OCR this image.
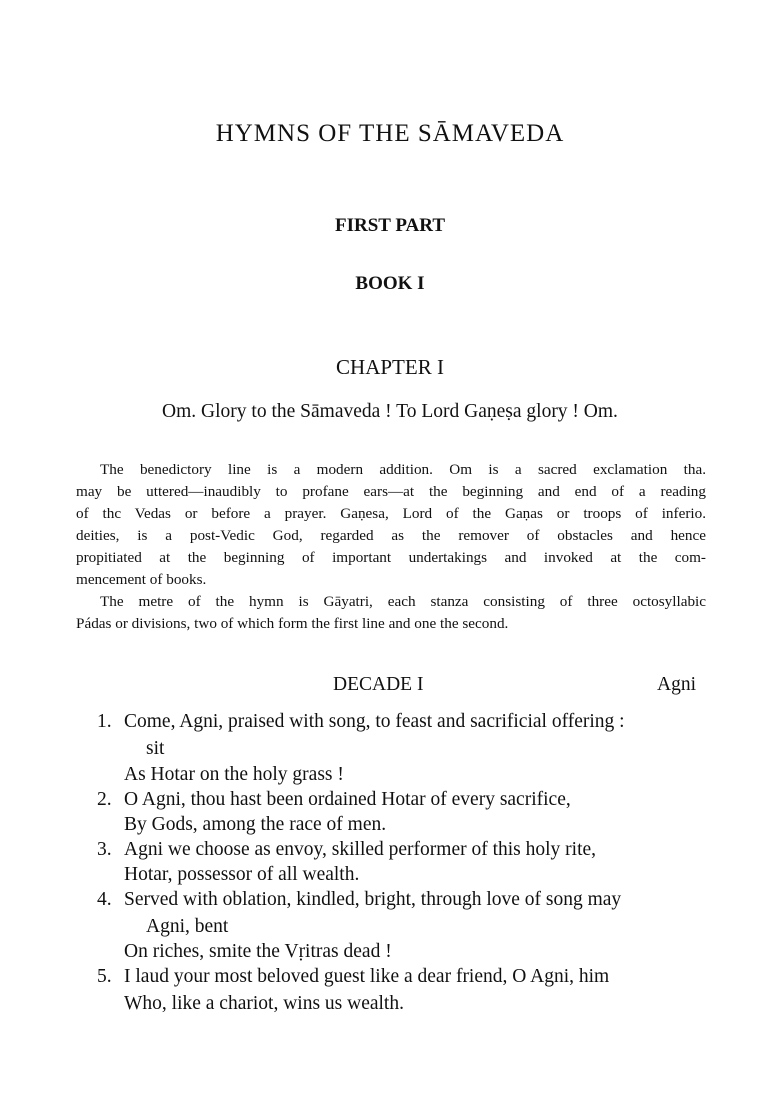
HYMNS OF THE SĀMAVEDA
FIRST PART
BOOK I
CHAPTER I
Om. Glory to the Sāmaveda ! To Lord Gaṇeṣa glory ! Om.
The benedictory line is a modern addition. Om is a sacred exclamation tha.
may be uttered—inaudibly to profane ears—at the beginning and end of a reading
of thc Vedas or before a prayer. Gaṇesa, Lord of the Gaṇas or troops of inferio.
deities, is a post-Vedic God, regarded as the remover of obstacles and hence
propitiated at the beginning of important undertakings and invoked at the com-
mencement of books.
The metre of the hymn is Gāyatri, each stanza consisting of three octosyllabic
Pádas or divisions, two of which form the first line and one the second.
DECADE I	Agni
1. Come, Agni, praised with song, to feast and sacrificial offering :
sit
As Hotar on the holy grass !
2. O Agni, thou hast been ordained Hotar of every sacrifice,
By Gods, among the race of men.
3. Agni we choose as envoy, skilled performer of this holy rite,
Hotar, possessor of all wealth.
4. Served with oblation, kindled, bright, through love of song may
Agni, bent
On riches, smite the Vṛitras dead !
5. I laud your most beloved guest like a dear friend, O Agni, him
Who, like a chariot, wins us wealth.
